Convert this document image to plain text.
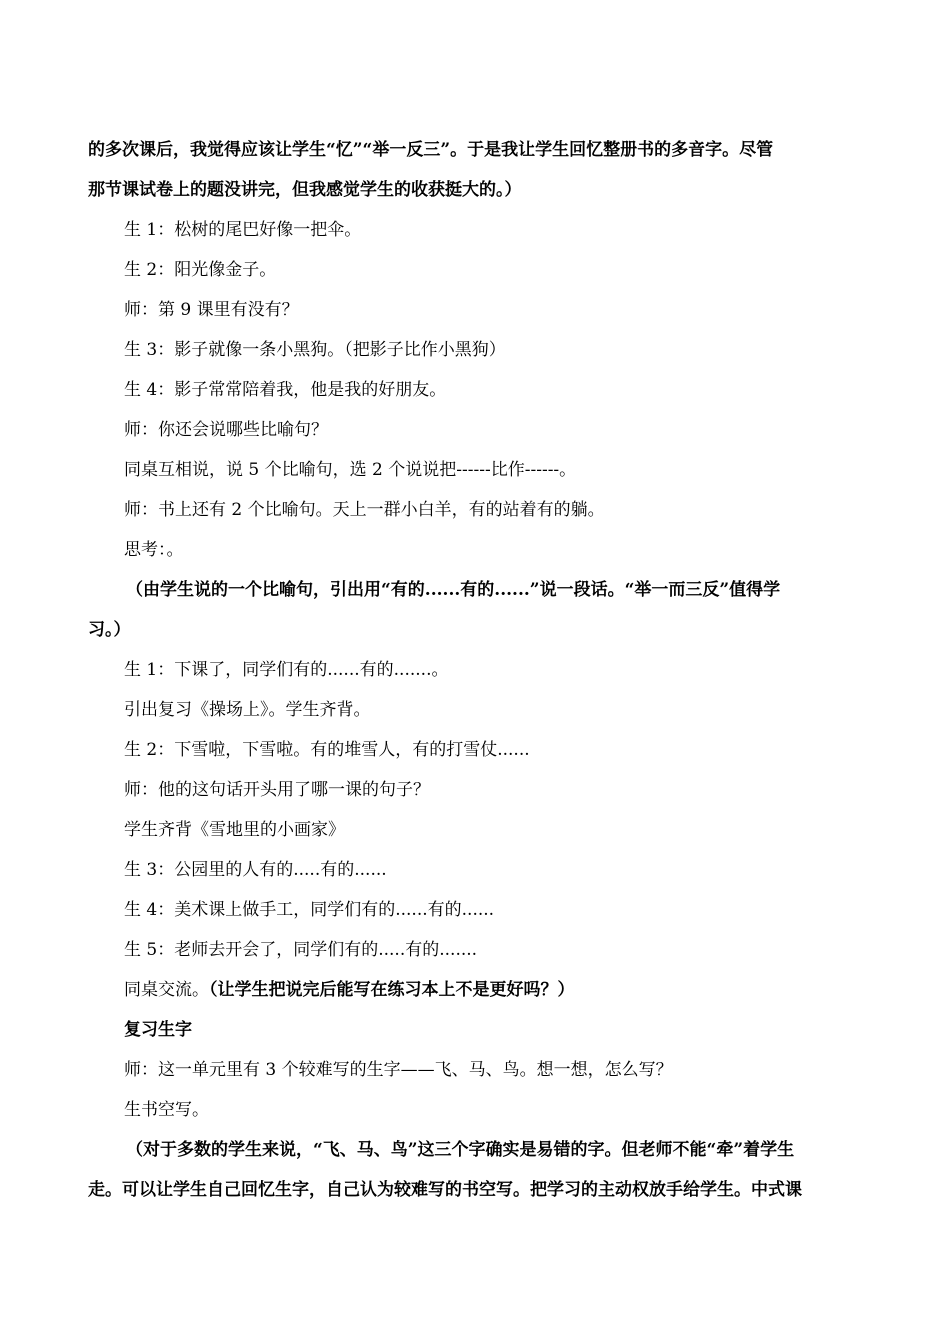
的多次课后，我觉得应该让学生“忆”“举一反三”。于是我让学生回忆整册书的多音字。尽管
那节课试卷上的题没讲完，但我感觉学生的收获挺大的。）
生 1：松树的尾巴好像一把伞。
生 2：阳光像金子。
师：第 9 课里有没有？
生 3：影子就像一条小黑狗。（把影子比作小黑狗）
生 4：影子常常陪着我，他是我的好朋友。
师：你还会说哪些比喻句？
同桌互相说，说 5 个比喻句，选 2 个说说把------比作------。
师：书上还有 2 个比喻句。天上一群小白羊，有的站着有的躺。
思考：。
（由学生说的一个比喻句，引出用“有的......有的......”说一段话。“举一而三反”值得学
习。）
生 1：下课了，同学们有的......有的.......。
引出复习《操场上》。学生齐背。
生 2：下雪啦，下雪啦。有的堆雪人，有的打雪仗......
师：他的这句话开头用了哪一课的句子？
学生齐背《雪地里的小画家》
生 3：公园里的人有的.....有的......
生 4：美术课上做手工，同学们有的......有的......
生 5：老师去开会了，同学们有的.....有的.......
同桌交流。（让学生把说完后能写在练习本上不是更好吗？）
复习生字
师：这一单元里有 3 个较难写的生字——飞、马、鸟。想一想，怎么写？
生书空写。
（对于多数的学生来说，“飞、马、鸟”这三个字确实是易错的字。但老师不能“牵”着学生
走。可以让学生自己回忆生字，自己认为较难写的书空写。把学习的主动权放手给学生。中式课
